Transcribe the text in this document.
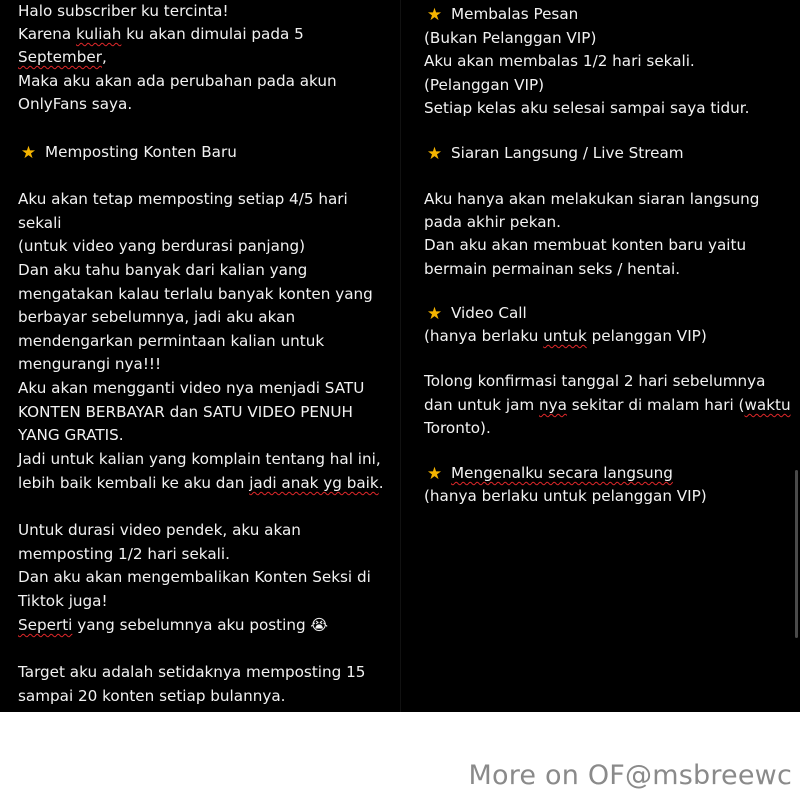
Halo subscriber ku tercinta!
Karena kuliah ku akan dimulai pada 5
September,
Maka aku akan ada perubahan pada akun
OnlyFans saya.
★ Memposting Konten Baru
Aku akan tetap memposting setiap 4/5 hari
sekali
(untuk video yang berdurasi panjang)
Dan aku tahu banyak dari kalian yang
mengatakan kalau terlalu banyak konten yang
berbayar sebelumnya, jadi aku akan
mendengarkan permintaan kalian untuk
mengurangi nya!!!
Aku akan mengganti video nya menjadi SATU
KONTEN BERBAYAR dan SATU VIDEO PENUH
YANG GRATIS.
Jadi untuk kalian yang komplain tentang hal ini,
lebih baik kembali ke aku dan jadi anak yg baik.
Untuk durasi video pendek, aku akan
memposting 1/2 hari sekali.
Dan aku akan mengembalikan Konten Seksi di
Tiktok juga!
Seperti yang sebelumnya aku posting 😭
Target aku adalah setidaknya memposting 15
sampai 20 konten setiap bulannya.
★ Membalas Pesan
(Bukan Pelanggan VIP)
Aku akan membalas 1/2 hari sekali.
(Pelanggan VIP)
Setiap kelas aku selesai sampai saya tidur.
★ Siaran Langsung / Live Stream
Aku hanya akan melakukan siaran langsung
pada akhir pekan.
Dan aku akan membuat konten baru yaitu
bermain permainan seks / hentai.
★ Video Call
(hanya berlaku untuk pelanggan VIP)
Tolong konfirmasi tanggal 2 hari sebelumnya
dan untuk jam nya sekitar di malam hari (waktu
Toronto).
★ Mengenalku secara langsung
(hanya berlaku untuk pelanggan VIP)
More on OF@msbreewc
